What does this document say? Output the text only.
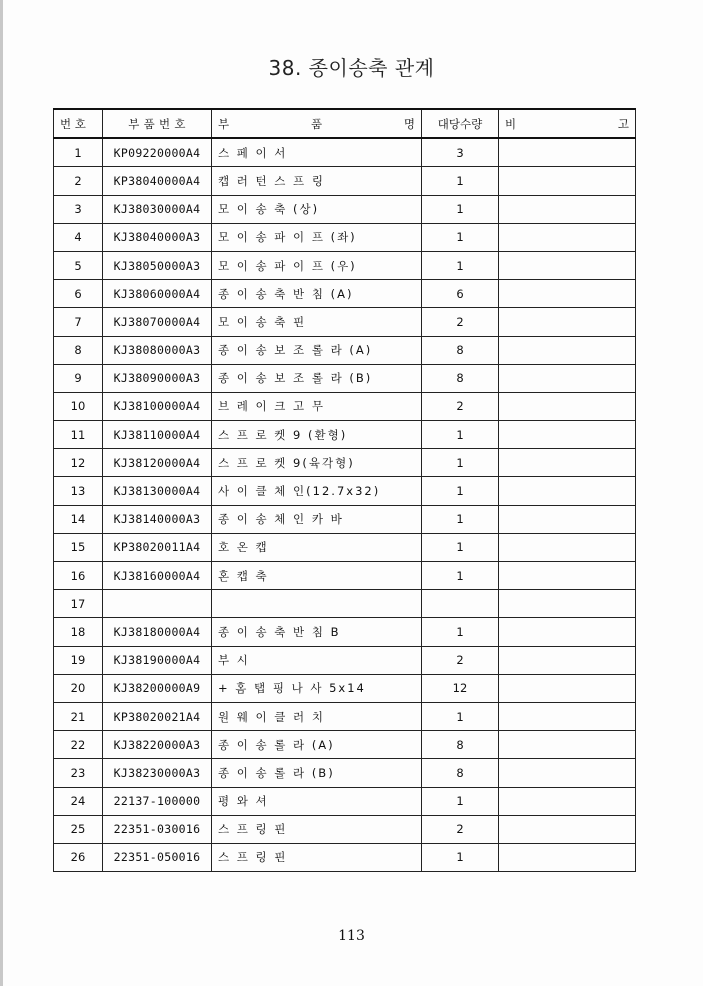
38. 종이송축 관계
번 호	부 품 번 호	부 품 명	대당수량	비 고

1	KP09220000A4	스 페 이 서	3	
2	KP38040000A4	캡 러 턴 스 프 링	1	
3	KJ38030000A4	모 이 송 축 (상)	1	
4	KJ38040000A3	모 이 송 파 이 프 (좌)	1	
5	KJ38050000A3	모 이 송 파 이 프 (우)	1	
6	KJ38060000A4	종 이 송 축 반 침 (A)	6	
7	KJ38070000A4	모 이 송 축 핀	2	
8	KJ38080000A3	종 이 송 보 조 롤 라 (A)	8	
9	KJ38090000A3	종 이 송 보 조 롤 라 (B)	8	
10	KJ38100000A4	브 레 이 크 고 무	2	
11	KJ38110000A4	스 프 로 켓 9 (환형)	1	
12	KJ38120000A4	스 프 로 켓 9(육각형)	1	
13	KJ38130000A4	사 이 클 체 인(12.7x32)	1	
14	KJ38140000A3	종 이 송 체 인 카 바	1	
15	KP38020011A4	호 온 캡	1	
16	KJ38160000A4	혼 캡 축	1	
17				
18	KJ38180000A4	종 이 송 축 반 침 B	1	
19	KJ38190000A4	부 시	2	
20	KJ38200000A9	+ 홈 탭 핑 나 사 5x14	12	
21	KP38020021A4	원 웨 이 클 러 치	1	
22	KJ38220000A3	종 이 송 롤 라 (A)	8	
23	KJ38230000A3	종 이 송 롤 라 (B)	8	
24	22137-100000	평 와 셔	1	
25	22351-030016	스 프 링 핀	2	
26	22351-050016	스 프 링 핀	1	
113
